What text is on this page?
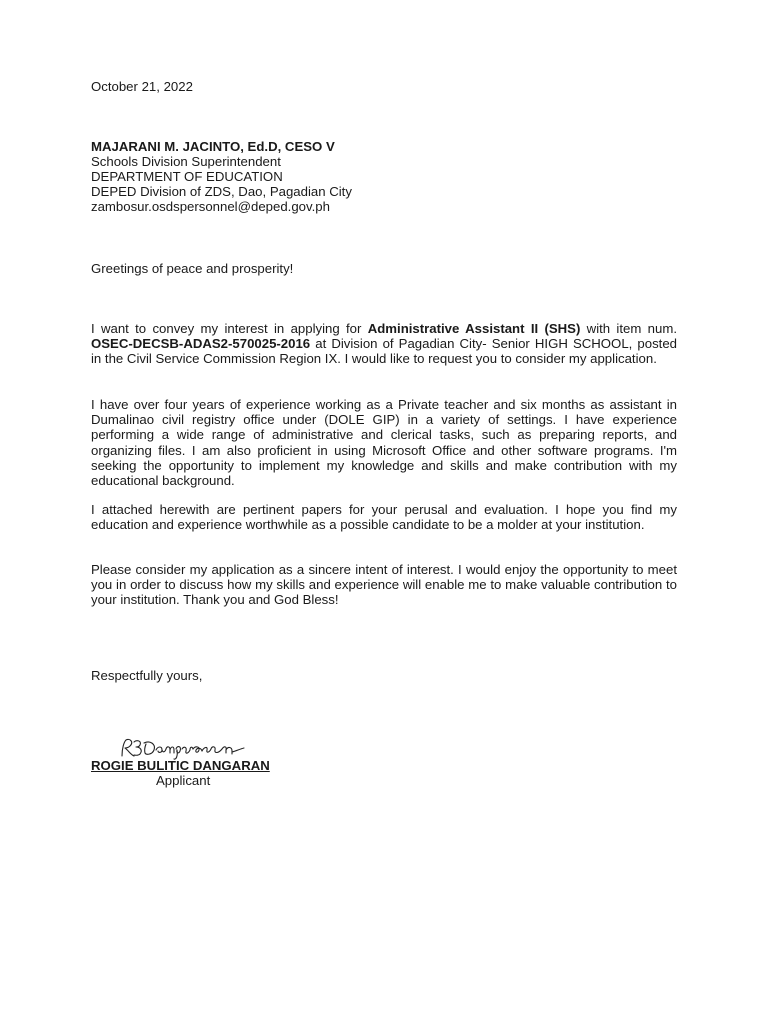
October 21, 2022
MAJARANI M. JACINTO, Ed.D, CESO V
Schools Division Superintendent
DEPARTMENT OF EDUCATION
DEPED Division of ZDS, Dao, Pagadian City
zambosur.osdspersonnel@deped.gov.ph
Greetings of peace and prosperity!
I want to convey my interest in applying for Administrative Assistant II (SHS) with item num. OSEC-DECSB-ADAS2-570025-2016 at Division of Pagadian City- Senior HIGH SCHOOL, posted in the Civil Service Commission Region IX. I would like to request you to consider my application.
I have over four years of experience working as a Private teacher and six months as assistant in Dumalinao civil registry office under (DOLE GIP) in a variety of settings. I have experience performing a wide range of administrative and clerical tasks, such as preparing reports, and organizing files. I am also proficient in using Microsoft Office and other software programs. I'm seeking the opportunity to implement my knowledge and skills and make contribution with my educational background.
I attached herewith are pertinent papers for your perusal and evaluation. I hope you find my education and experience worthwhile as a possible candidate to be a molder at your institution.
Please consider my application as a sincere intent of interest. I would enjoy the opportunity to meet you in order to discuss how my skills and experience will enable me to make valuable contribution to your institution. Thank you and God Bless!
Respectfully yours,
ROGIE BULITIC DANGARAN
Applicant
